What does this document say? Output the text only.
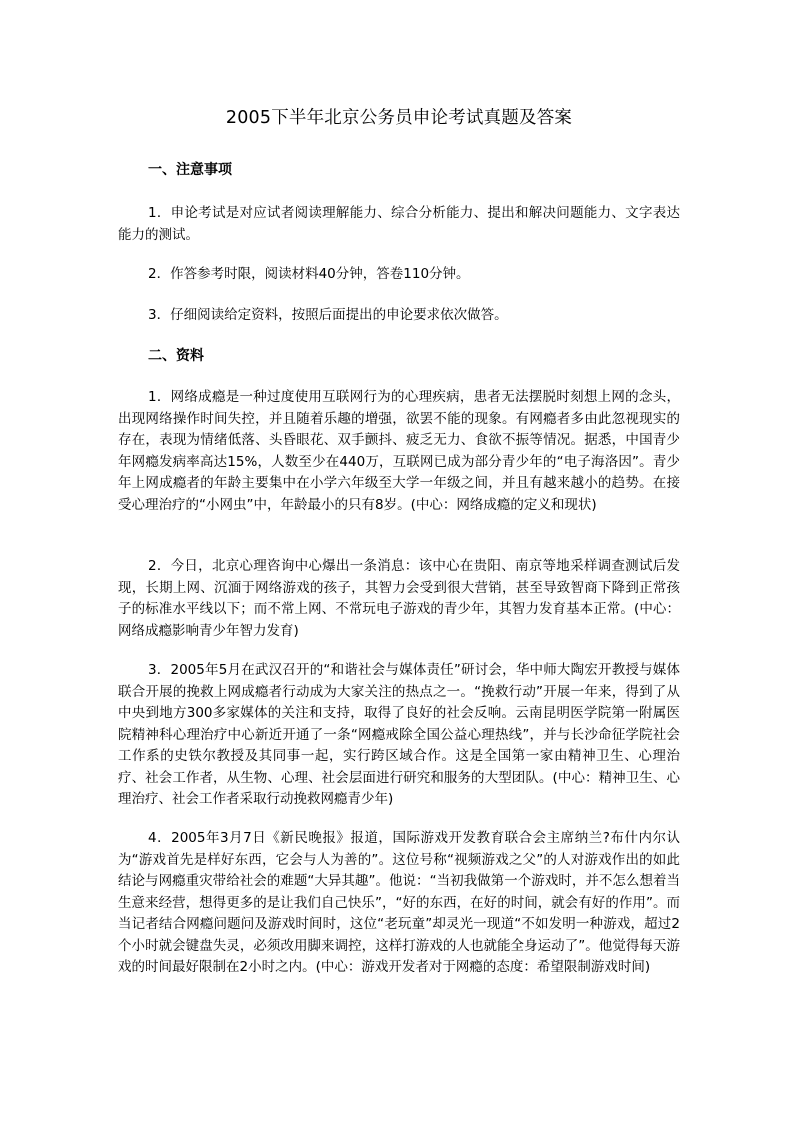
2005下半年北京公务员申论考试真题及答案
一、注意事项

1．申论考试是对应试者阅读理解能力、综合分析能力、提出和解决问题能力、文字表达能力的测试。

2．作答参考时限，阅读材料40分钟，答卷110分钟。

3．仔细阅读给定资料，按照后面提出的申论要求依次做答。

二、资料

1．网络成瘾是一种过度使用互联网行为的心理疾病，患者无法摆脱时刻想上网的念头，出现网络操作时间失控，并且随着乐趣的增强，欲罢不能的现象。有网瘾者多由此忽视现实的存在，表现为情绪低落、头昏眼花、双手颤抖、疲乏无力、食欲不振等情况。据悉，中国青少年网瘾发病率高达15%，人数至少在440万，互联网已成为部分青少年的“电子海洛因”。青少年上网成瘾者的年龄主要集中在小学六年级至大学一年级之间，并且有越来越小的趋势。在接受心理治疗的“小网虫”中，年龄最小的只有8岁。(中心：网络成瘾的定义和现状)

2．今日，北京心理咨询中心爆出一条消息：该中心在贵阳、南京等地采样调查测试后发现，长期上网、沉湎于网络游戏的孩子，其智力会受到很大营销，甚至导致智商下降到正常孩子的标准水平线以下；而不常上网、不常玩电子游戏的青少年，其智力发育基本正常。(中心：网络成瘾影响青少年智力发育)

3．2005年5月在武汉召开的“和谐社会与媒体责任”研讨会，华中师大陶宏开教授与媒体联合开展的挽救上网成瘾者行动成为大家关注的热点之一。“挽救行动”开展一年来，得到了从中央到地方300多家媒体的关注和支持，取得了良好的社会反响。云南昆明医学院第一附属医院精神科心理治疗中心新近开通了一条“网瘾戒除全国公益心理热线”，并与长沙命征学院社会工作系的史铁尔教授及其同事一起，实行跨区域合作。这是全国第一家由精神卫生、心理治疗、社会工作者，从生物、心理、社会层面进行研究和服务的大型团队。(中心：精神卫生、心理治疗、社会工作者采取行动挽救网瘾青少年)

4．2005年3月7日《新民晚报》报道，国际游戏开发教育联合会主席纳兰?布什内尔认为“游戏首先是样好东西，它会与人为善的”。这位号称“视频游戏之父”的人对游戏作出的如此结论与网瘾重灾带给社会的难题“大异其趣”。他说：“当初我做第一个游戏时，并不怎么想着当生意来经营，想得更多的是让我们自己快乐”，“好的东西，在好的时间，就会有好的作用”。而当记者结合网瘾问题问及游戏时间时，这位“老玩童”却灵光一现道“不如发明一种游戏，超过2个小时就会键盘失灵，必须改用脚来调控，这样打游戏的人也就能全身运动了”。他觉得每天游戏的时间最好限制在2小时之内。(中心：游戏开发者对于网瘾的态度：希望限制游戏时间)
